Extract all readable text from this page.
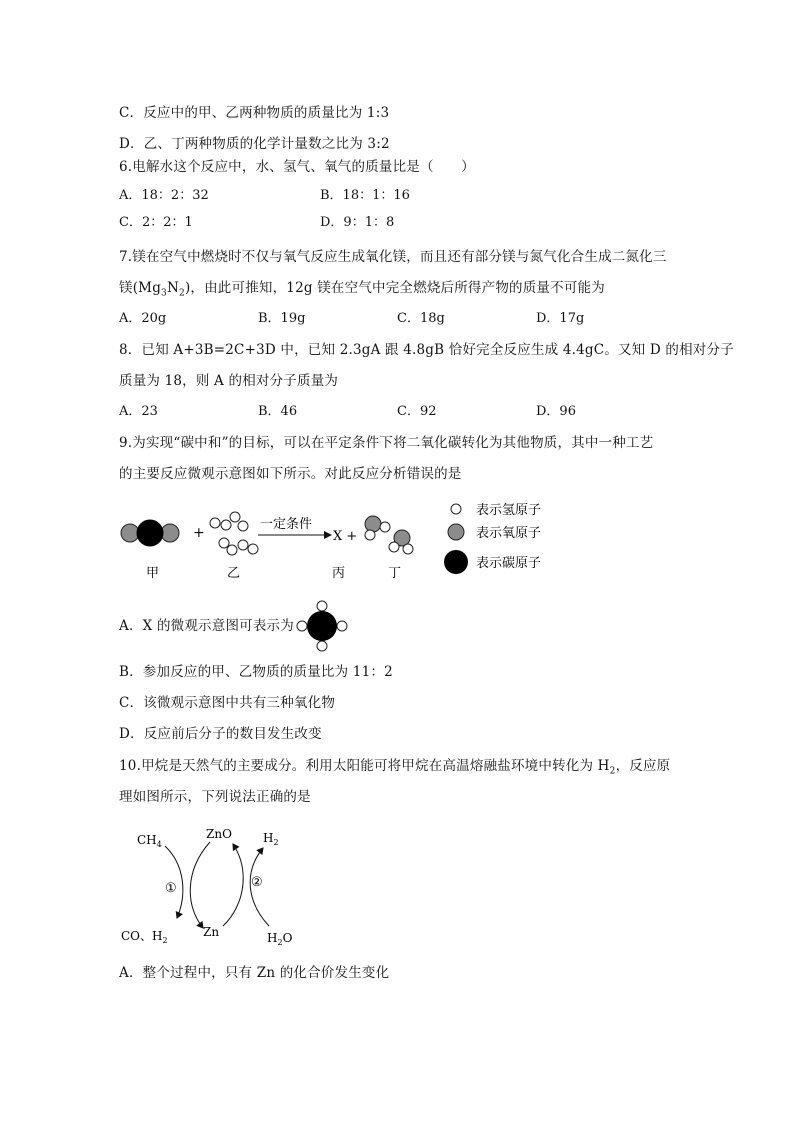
C．反应中的甲、乙两种物质的质量比为 1:3
D．乙、丁两种物质的化学计量数之比为 3:2
6.电解水这个反应中，水、氢气、氧气的质量比是（　　）
A．18：2：32	B．18：1：16
C．2：2：1	D．9：1：8
7.镁在空气中燃烧时不仅与氧气反应生成氧化镁，而且还有部分镁与氮气化合生成二氮化三
镁$(Mg_3N_2)$，由此可推知，12g 镁在空气中完全燃烧后所得产物的质量不可能为
A．20g	B．19g	C．18g	D．17g
8．已知 A+3B=2C+3D 中，已知 2.3gA 跟 4.8gB 恰好完全反应生成 4.4gC。又知 D 的相对分子
质量为 18，则 A 的相对分子质量为
A．23	B．46	C．92	D．96
9.为实现“碳中和”的目标，可以在平定条件下将二氧化碳转化为其他物质，其中一种工艺
的主要反应微观示意图如下所示。对此反应分析错误的是
+
一定条件
X +
甲	乙	丙	丁
表示氢原子
表示氧原子
表示碳原子
A．X 的微观示意图可表示为
B．参加反应的甲、乙物质的质量比为 11：2
C．该微观示意图中共有三种氧化物
D．反应前后分子的数目发生改变
10.甲烷是天然气的主要成分。利用太阳能可将甲烷在高温熔融盐环境中转化为 $H_2$，反应原
理如图所示，下列说法正确的是
$CH_4$
ZnO	$H_2$
CO、$H_2$
Zn	$H_2O$
①	②
A．整个过程中，只有 Zn 的化合价发生变化
